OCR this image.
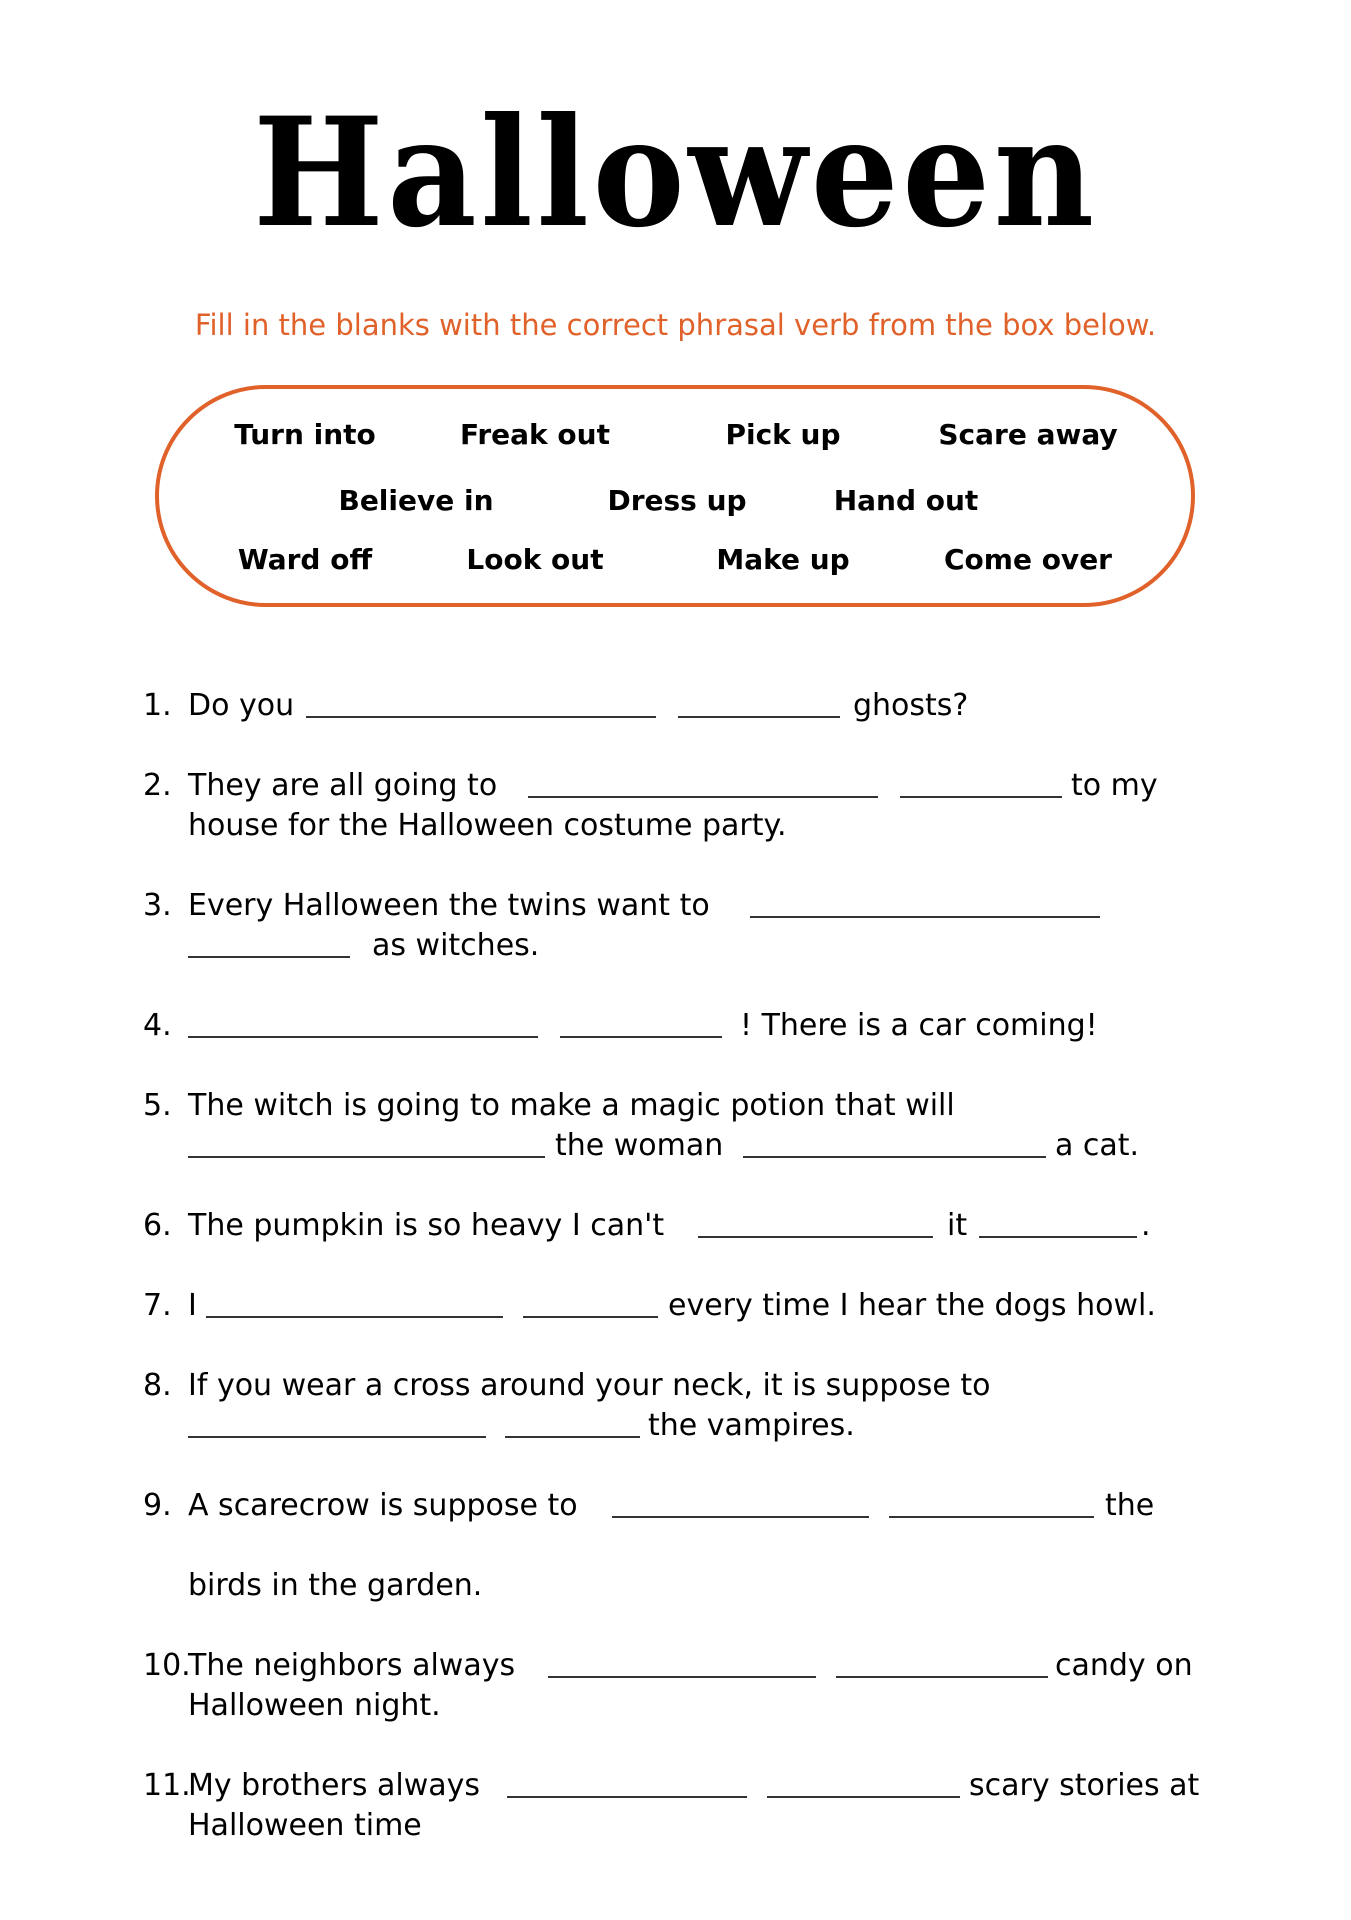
Halloween
Fill in the blanks with the correct phrasal verb from the box below.
Turn into	Freak out	Pick up	Scare away
Believe in	Dress up	Hand out
Ward off	Look out	Make up	Come over
1. Do you	ghosts?
2. They are all going to	to my
house for the Halloween costume party.
3. Every Halloween the twins want to
as witches.
4.	! There is a car coming!
5. The witch is going to make a magic potion that will
the woman	a cat.
6. The pumpkin is so heavy I can't	it	.
7. I	every time I hear the dogs howl.
8. If you wear a cross around your neck, it is suppose to
the vampires.
9. A scarecrow is suppose to	the
birds in the garden.
10.
The neighbors always	candy on
Halloween night.
11.
My brothers always	scary stories at
Halloween time
